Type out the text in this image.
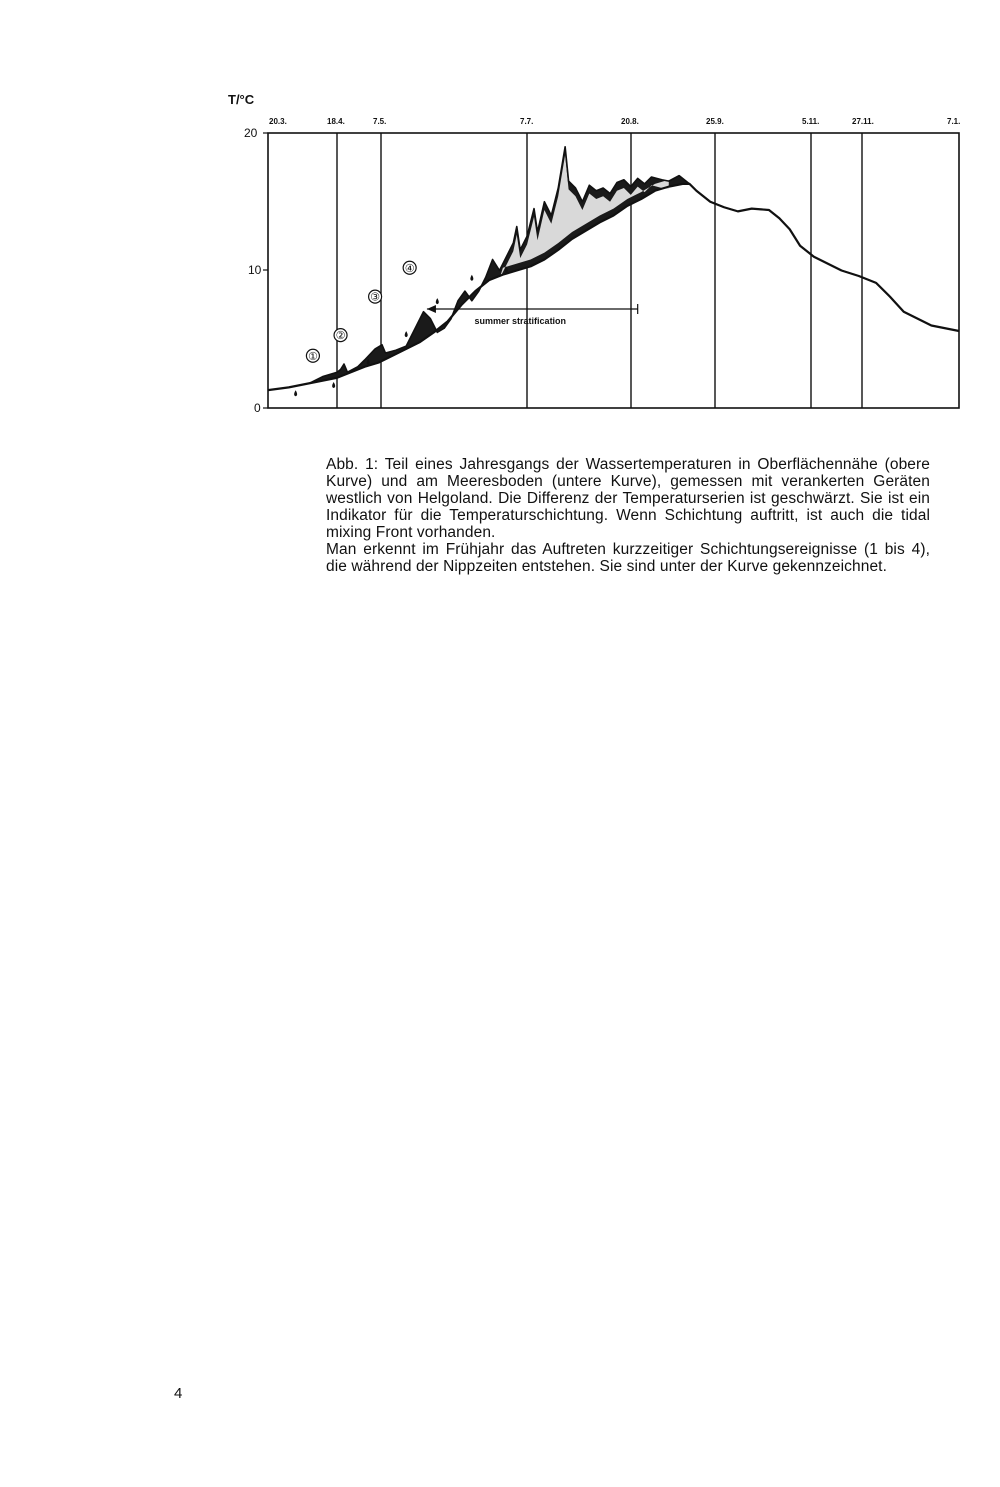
T/°C
20
10
0
20.3.	18.4.	7.5.	7.7.	20.8.	25.9.	5.11.	27.11.	7.1.
①
②
③
④
summer stratification

Abb. 1: Teil eines Jahresgangs der Wassertemperaturen in Oberflächennähe (obere Kurve) und am Meeresboden (untere Kurve), gemessen mit verankerten Geräten westlich von Helgoland. Die Differenz der Temperaturserien ist geschwärzt. Sie ist ein Indikator für die Temperaturschichtung. Wenn Schichtung auftritt, ist auch die tidal mixing Front vorhanden.

Man erkennt im Frühjahr das Auftreten kurzzeitiger Schichtungsereignisse (1 bis 4), die während der Nippzeiten entstehen. Sie sind unter der Kurve gekennzeichnet.

4
